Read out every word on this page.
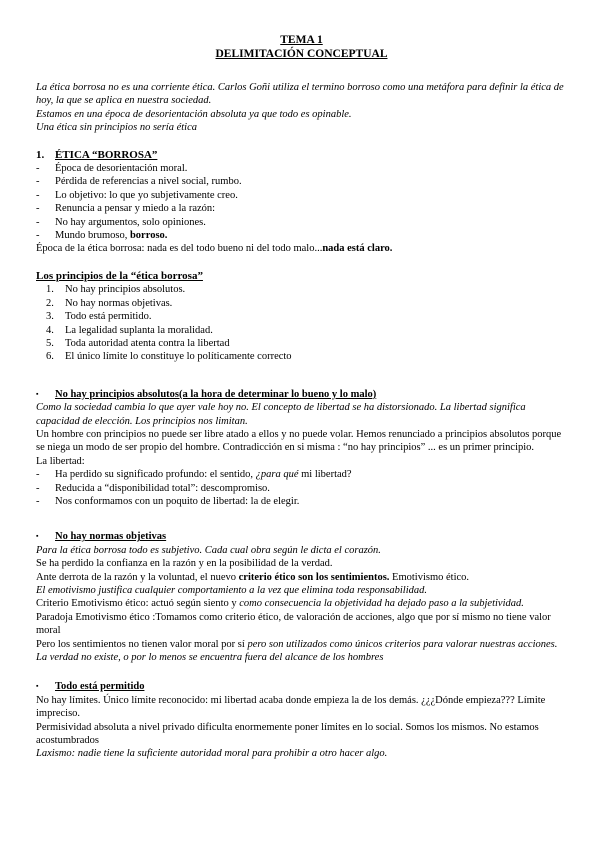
TEMA 1
DELIMITACIÓN CONCEPTUAL
La ética borrosa no es una corriente ética. Carlos Goñi utiliza el termino borroso como una metáfora para definir la ética de hoy, la que se aplica en nuestra sociedad.
Estamos en una época de desorientación absoluta ya que todo es opinable.
Una ética sin principios no sería ética
1. ÉTICA “BORROSA”
-	Época de desorientación moral.
-	Pérdida de referencias a nivel social, rumbo.
-	Lo objetivo: lo que yo subjetivamente creo.
-	Renuncia a pensar y miedo a la razón:
-	No hay argumentos, solo opiniones.
-	Mundo brumoso, borroso.
Época de la ética borrosa: nada es del todo bueno ni del todo malo...nada está claro.
Los principios de la “ética borrosa”
1.	No hay principios absolutos.
2.	No hay normas objetivas.
3.	Todo está permitido.
4.	La legalidad suplanta la moralidad.
5.	Toda autoridad atenta contra la libertad
6.	El único límite lo constituye lo políticamente correcto
▪	No hay principios absolutos(a la hora de determinar lo bueno y lo malo)
Como la sociedad cambia lo que ayer vale hoy no. El concepto de libertad se ha distorsionado. La libertad significa capacidad de elección. Los principios nos limitan.
Un hombre con principios no puede ser libre atado a ellos y no puede volar. Hemos renunciado a principios absolutos porque se niega un modo de ser propio del hombre. Contradicción en si misma : “no hay principios” ... es un primer principio.
La libertad:
-	Ha perdido su significado profundo: el sentido, ¿para qué mi libertad?
-	Reducida a “disponibilidad total”: descompromiso.
-	Nos conformamos con un poquito de libertad: la de elegir.
▪	No hay normas objetivas
Para la ética borrosa todo es subjetivo. Cada cual obra según le dicta el corazón.
Se ha perdido la confianza en la razón y en la posibilidad de la verdad.
Ante derrota de la razón y la voluntad, el nuevo criterio ético son los sentimientos. Emotivismo ético.
El emotivismo justifica cualquier comportamiento a la vez que elimina toda responsabilidad.
Criterio Emotivismo ético: actuó según siento y como consecuencia la objetividad ha dejado paso a la subjetividad.
Paradoja Emotivismo ético :Tomamos como criterio ético, de valoración de acciones, algo que por sí mismo no tiene valor moral
Pero los sentimientos no tienen valor moral por sí pero son utilizados como únicos criterios para valorar nuestras acciones.
La verdad no existe, o por lo menos se encuentra fuera del alcance de los hombres
▪	Todo está permitido
No hay límites. Único límite reconocido: mi libertad acaba donde empieza la de los demás. ¿¿¿Dónde empieza??? Límite impreciso.
Permisividad absoluta a nivel privado dificulta enormemente poner límites en lo social. Somos los mismos. No estamos acostumbrados
Laxismo: nadie tiene la suficiente autoridad moral para prohibir a otro hacer algo.
